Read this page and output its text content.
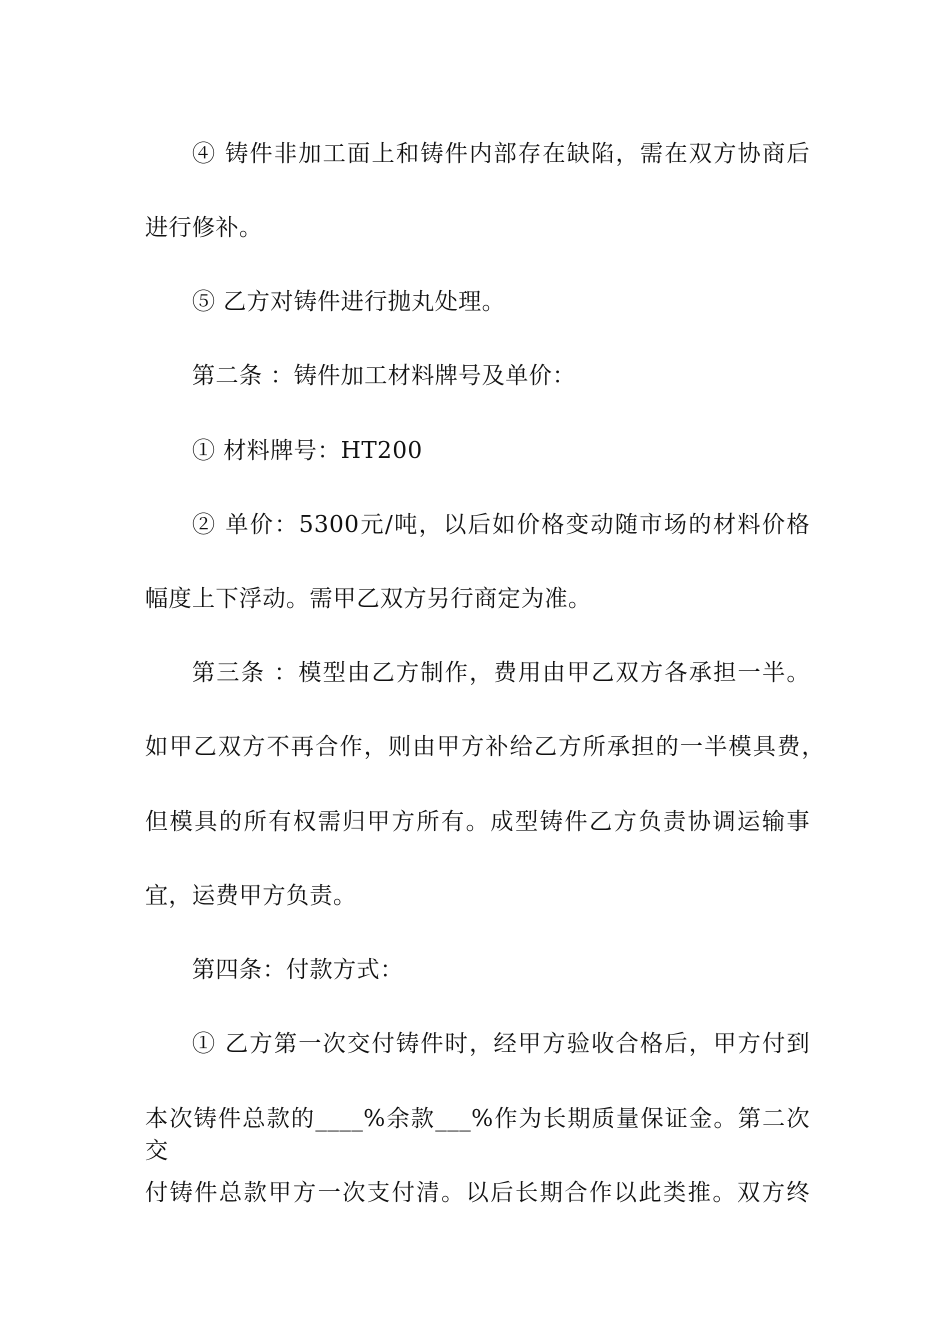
④ 铸件非加工面上和铸件内部存在缺陷，需在双方协商后
进行修补。
⑤ 乙方对铸件进行抛丸处理。
第二条 ：铸件加工材料牌号及单价：
① 材料牌号：HT200
② 单价：5300元/吨，以后如价格变动随市场的材料价格
幅度上下浮动。需甲乙双方另行商定为准。
第三条 ：模型由乙方制作，费用由甲乙双方各承担一半。
如甲乙双方不再合作，则由甲方补给乙方所承担的一半模具费，
但模具的所有权需归甲方所有。成型铸件乙方负责协调运输事
宜，运费甲方负责。
第四条：付款方式：
① 乙方第一次交付铸件时，经甲方验收合格后，甲方付到
本次铸件总款的____%余款___%作为长期质量保证金。第二次交
付铸件总款甲方一次支付清。以后长期合作以此类推。双方终
